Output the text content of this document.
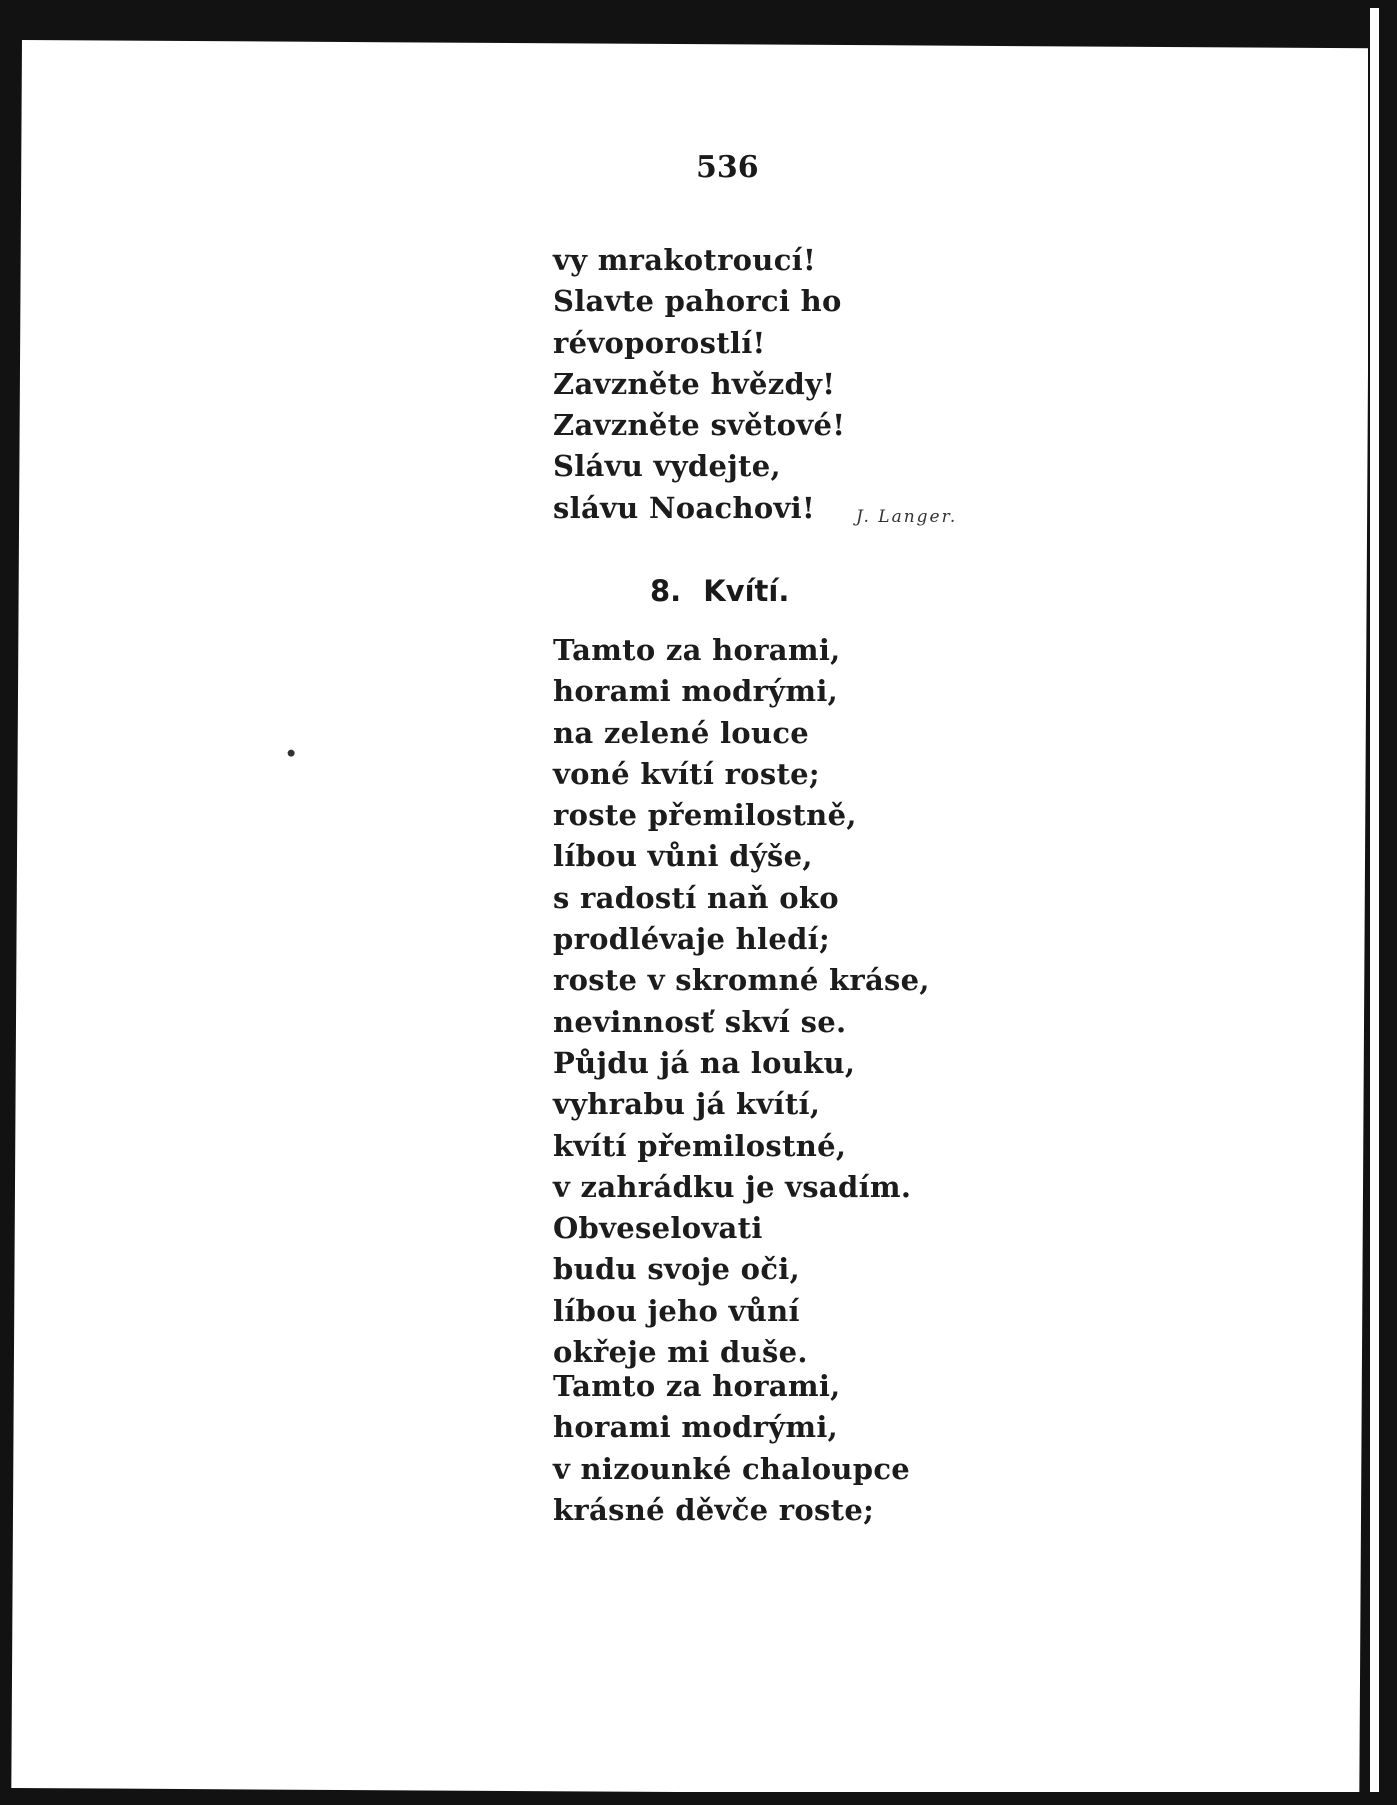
536
vy mrakotroucí!
Slavte pahorci ho
révoporostlí!
Zavzněte hvězdy!
Zavzněte světové!
Slávu vydejte,
slávu Noachovi!	J. Langer.
8. Kvítí.
Tamto za horami,
horami modrými,
na zelené louce
voné kvítí roste;
roste přemilostně,
líbou vůni dýše,
s radostí naň oko
prodlévaje hledí;
roste v skromné kráse,
nevinnosť skví se.
Půjdu já na louku,
vyhrabu já kvítí,
kvítí přemilostné,
v zahrádku je vsadím.
Obveselovati
budu svoje oči,
líbou jeho vůní
okřeje mi duše.
Tamto za horami,
horami modrými,
v nizounké chaloupce
krásné děvče roste;
